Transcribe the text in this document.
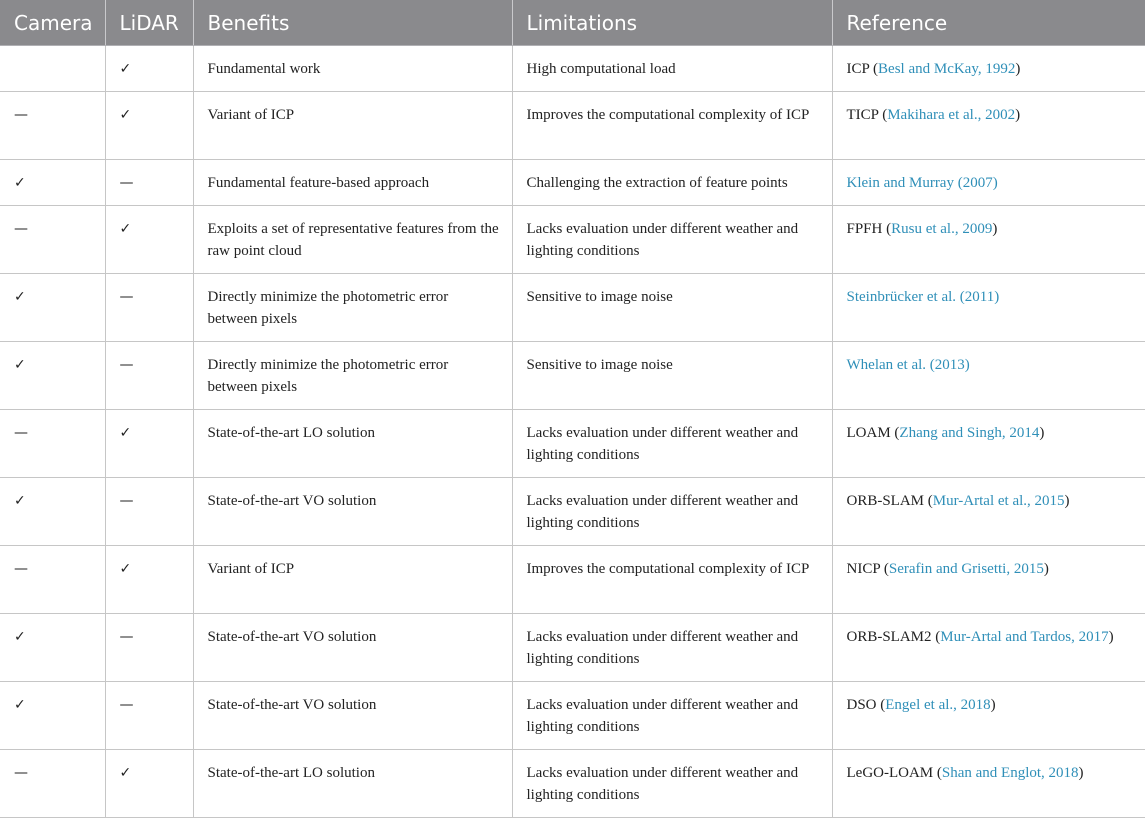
Camera	LiDAR	Benefits	Limitations	Reference
	✓	Fundamental work	High computational load	ICP (Besl and McKay, 1992)
—	✓	Variant of ICP	Improves the computational complexity of ICP	TICP (Makihara et al., 2002)
✓	—	Fundamental feature-based approach	Challenging the extraction of feature points	Klein and Murray (2007)
—	✓	Exploits a set of representative features from the raw point cloud	Lacks evaluation under different weather and lighting conditions	FPFH (Rusu et al., 2009)
✓	—	Directly minimize the photometric error between pixels	Sensitive to image noise	Steinbrücker et al. (2011)
✓	—	Directly minimize the photometric error between pixels	Sensitive to image noise	Whelan et al. (2013)
—	✓	State-of-the-art LO solution	Lacks evaluation under different weather and lighting conditions	LOAM (Zhang and Singh, 2014)
✓	—	State-of-the-art VO solution	Lacks evaluation under different weather and lighting conditions	ORB-SLAM (Mur-Artal et al., 2015)
—	✓	Variant of ICP	Improves the computational complexity of ICP	NICP (Serafin and Grisetti, 2015)
✓	—	State-of-the-art VO solution	Lacks evaluation under different weather and lighting conditions	ORB-SLAM2 (Mur-Artal and Tardos, 2017)
✓	—	State-of-the-art VO solution	Lacks evaluation under different weather and lighting conditions	DSO (Engel et al., 2018)
—	✓	State-of-the-art LO solution	Lacks evaluation under different weather and lighting conditions	LeGO-LOAM (Shan and Englot, 2018)
